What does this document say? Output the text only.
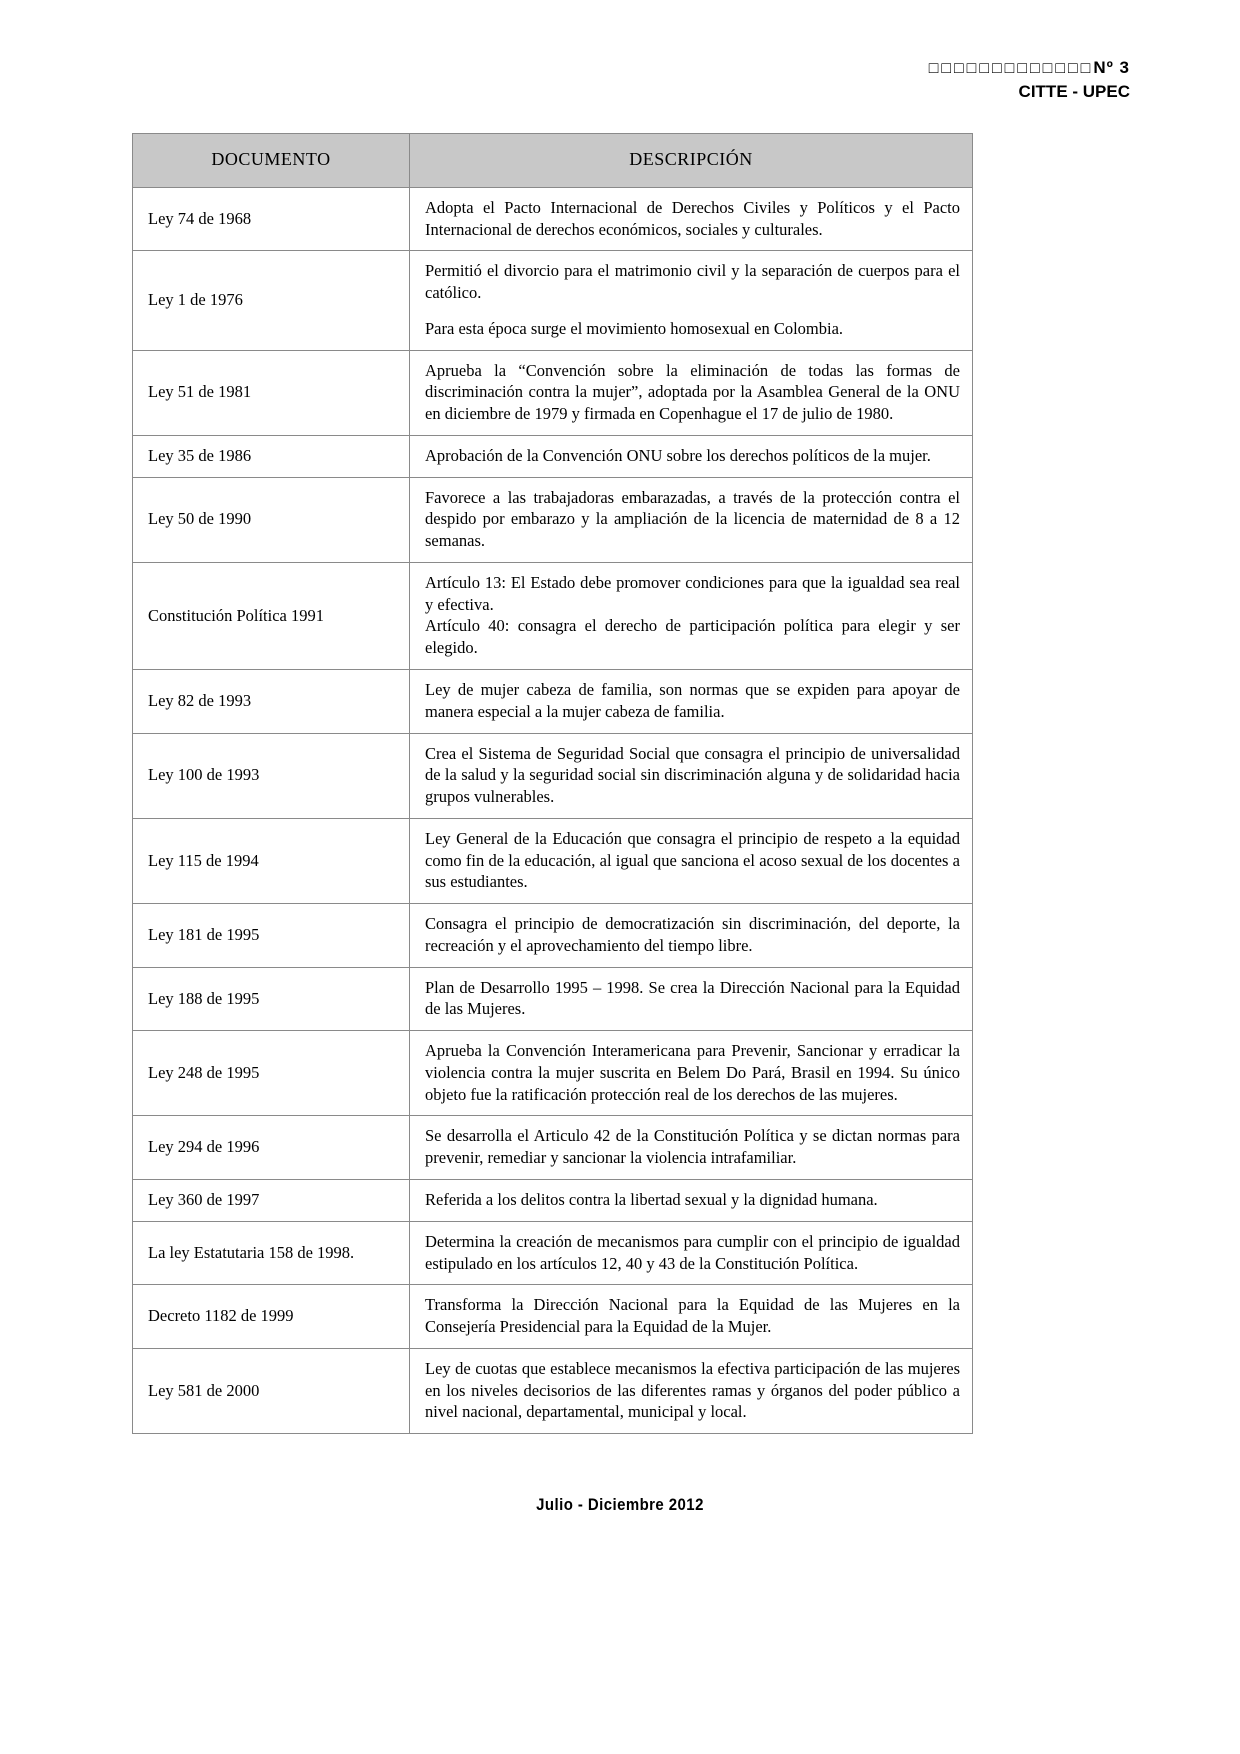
□□□□□□□□□□□□□Nº 3
CITTE - UPEC
DOCUMENTO	DESCRIPCIÓN
Ley 74 de 1968	Adopta el Pacto Internacional de Derechos Civiles y Políticos y el Pacto Internacional de derechos económicos, sociales y culturales.

Ley 1 de 1976	Permitió el divorcio para el matrimonio civil y la separación de cuerpos para el católico.

Para esta época surge el movimiento homosexual en Colombia.

Ley 51 de 1981	Aprueba la “Convención sobre la eliminación de todas las formas de discriminación contra la mujer”, adoptada por la Asamblea General de la ONU en diciembre de 1979 y firmada en Copenhague el 17 de julio de 1980.

Ley 35 de 1986	Aprobación de la Convención ONU sobre los derechos políticos de la mujer.

Ley 50 de 1990	Favorece a las trabajadoras embarazadas, a través de la protección contra el despido por embarazo y la ampliación de la licencia de maternidad de 8 a 12 semanas.

Constitución Política 1991	Artículo 13: El Estado debe promover condiciones para que la igualdad sea real y efectiva.

Artículo 40: consagra el derecho de participación política para elegir y ser elegido.

Ley 82 de 1993	Ley de mujer cabeza de familia, son normas que se expiden para apoyar de manera especial a la mujer cabeza de familia.

Ley 100 de 1993	Crea el Sistema de Seguridad Social que consagra el principio de universalidad de la salud y la seguridad social sin discriminación alguna y de solidaridad hacia grupos vulnerables.

Ley 115 de 1994	Ley General de la Educación que consagra el principio de respeto a la equidad como fin de la educación, al igual que sanciona el acoso sexual de los docentes a sus estudiantes.

Ley 181 de 1995	Consagra el principio de democratización sin discriminación, del deporte, la recreación y el aprovechamiento del tiempo libre.

Ley 188 de 1995	Plan de Desarrollo 1995 – 1998. Se crea la Dirección Nacional para la Equidad de las Mujeres.

Ley 248 de 1995	Aprueba la Convención Interamericana para Prevenir, Sancionar y erradicar la violencia contra la mujer suscrita en Belem Do Pará, Brasil en 1994. Su único objeto fue la ratificación protección real de los derechos de las mujeres.

Ley 294 de 1996	Se desarrolla el Articulo 42 de la Constitución Política y se dictan normas para prevenir, remediar y sancionar la violencia intrafamiliar.

Ley 360 de 1997	Referida a los delitos contra la libertad sexual y la dignidad humana.

La ley Estatutaria 158 de 1998.	Determina la creación de mecanismos para cumplir con el principio de igualdad estipulado en los artículos 12, 40 y 43 de la Constitución Política.

Decreto 1182 de 1999	Transforma la Dirección Nacional para la Equidad de las Mujeres en la Consejería Presidencial para la Equidad de la Mujer.

Ley 581 de 2000	Ley de cuotas que establece mecanismos la efectiva participación de las mujeres en los niveles decisorios de las diferentes ramas y órganos del poder público a nivel nacional, departamental, municipal y local.

Julio - Diciembre 2012
